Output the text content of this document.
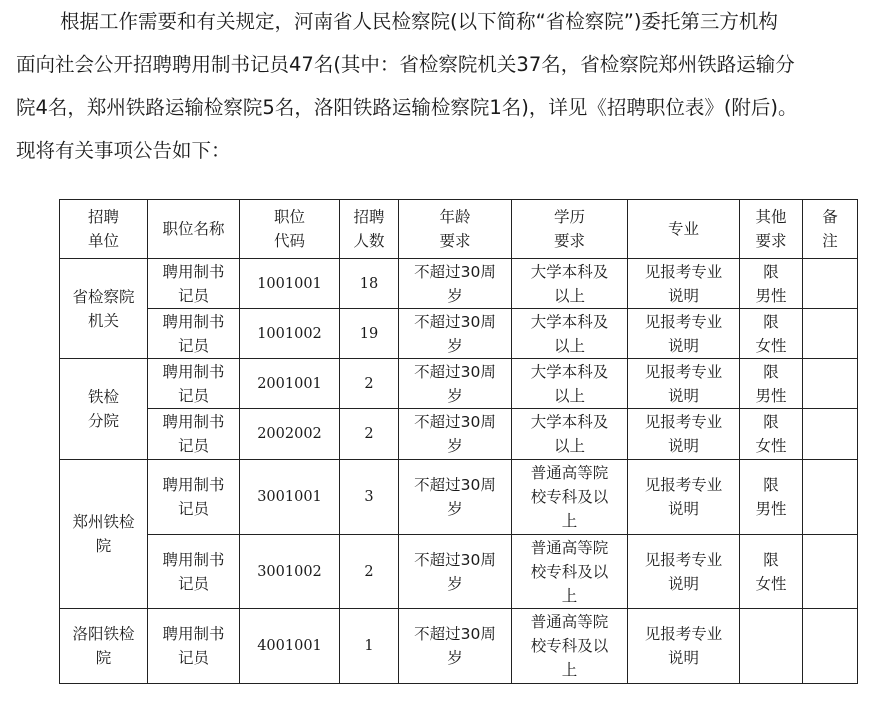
根据工作需要和有关规定，河南省人民检察院(以下简称“省检察院”)委托第三方机构

面向社会公开招聘聘用制书记员47名(其中：省检察院机关37名，省检察院郑州铁路运输分

院4名，郑州铁路运输检察院5名，洛阳铁路运输检察院1名)，详见《招聘职位表》(附后)。

现将有关事项公告如下：

招聘
单位	职位名称	职位
代码	招聘
人数	年龄
要求	学历
要求	专业	其他
要求	备
注

省检察院
机关	聘用制书
记员	1001001	18	不超过30周
岁	大学本科及
以上	见报考专业
说明	限
男性	

	聘用制书
记员	1001002	19	不超过30周
岁	大学本科及
以上	见报考专业
说明	限
女性	

铁检
分院	聘用制书
记员	2001001	2	不超过30周
岁	大学本科及
以上	见报考专业
说明	限
男性	

	聘用制书
记员	2002002	2	不超过30周
岁	大学本科及
以上	见报考专业
说明	限
女性	

郑州铁检
院	聘用制书
记员	3001001	3	不超过30周
岁	普通高等院
校专科及以
上	见报考专业
说明	限
男性	

	聘用制书
记员	3001002	2	不超过30周
岁	普通高等院
校专科及以
上	见报考专业
说明	限
女性	

洛阳铁检
院	聘用制书
记员	4001001	1	不超过30周
岁	普通高等院
校专科及以
上	见报考专业
说明		
